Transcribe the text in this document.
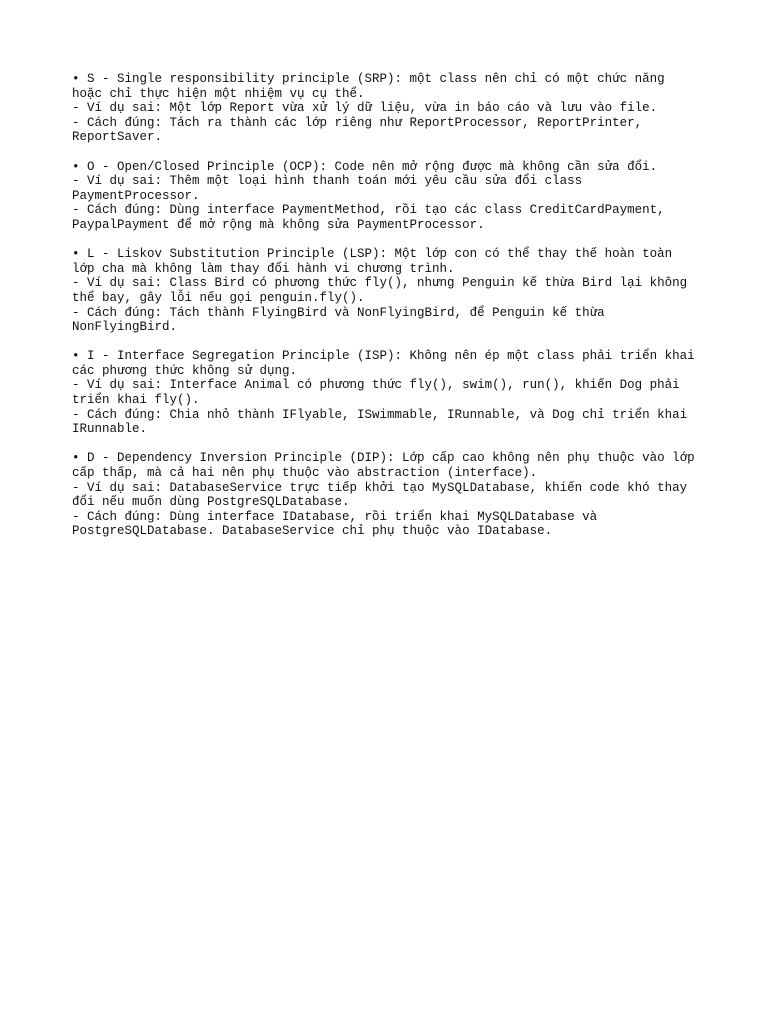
• S - Single responsibility principle (SRP): một class nên chỉ có một chức năng
hoặc chỉ thực hiện một nhiệm vụ cụ thể.
- Ví dụ sai: Một lớp Report vừa xử lý dữ liệu, vừa in báo cáo và lưu vào file.
- Cách đúng: Tách ra thành các lớp riêng như ReportProcessor, ReportPrinter,
ReportSaver.
• O - Open/Closed Principle (OCP): Code nên mở rộng được mà không cần sửa đổi.
- Ví dụ sai: Thêm một loại hình thanh toán mới yêu cầu sửa đổi class
PaymentProcessor.
- Cách đúng: Dùng interface PaymentMethod, rồi tạo các class CreditCardPayment,
PaypalPayment để mở rộng mà không sửa PaymentProcessor.
• L - Liskov Substitution Principle (LSP): Một lớp con có thể thay thế hoàn toàn
lớp cha mà không làm thay đổi hành vi chương trình.
- Ví dụ sai: Class Bird có phương thức fly(), nhưng Penguin kế thừa Bird lại không
thể bay, gây lỗi nếu gọi penguin.fly().
- Cách đúng: Tách thành FlyingBird và NonFlyingBird, để Penguin kế thừa
NonFlyingBird.
• I - Interface Segregation Principle (ISP): Không nên ép một class phải triển khai
các phương thức không sử dụng.
- Ví dụ sai: Interface Animal có phương thức fly(), swim(), run(), khiến Dog phải
triển khai fly().
- Cách đúng: Chia nhỏ thành IFlyable, ISwimmable, IRunnable, và Dog chỉ triển khai
IRunnable.
• D - Dependency Inversion Principle (DIP): Lớp cấp cao không nên phụ thuộc vào lớp
cấp thấp, mà cả hai nên phụ thuộc vào abstraction (interface).
- Ví dụ sai: DatabaseService trực tiếp khởi tạo MySQLDatabase, khiến code khó thay
đổi nếu muốn dùng PostgreSQLDatabase.
- Cách đúng: Dùng interface IDatabase, rồi triển khai MySQLDatabase và
PostgreSQLDatabase. DatabaseService chỉ phụ thuộc vào IDatabase.
